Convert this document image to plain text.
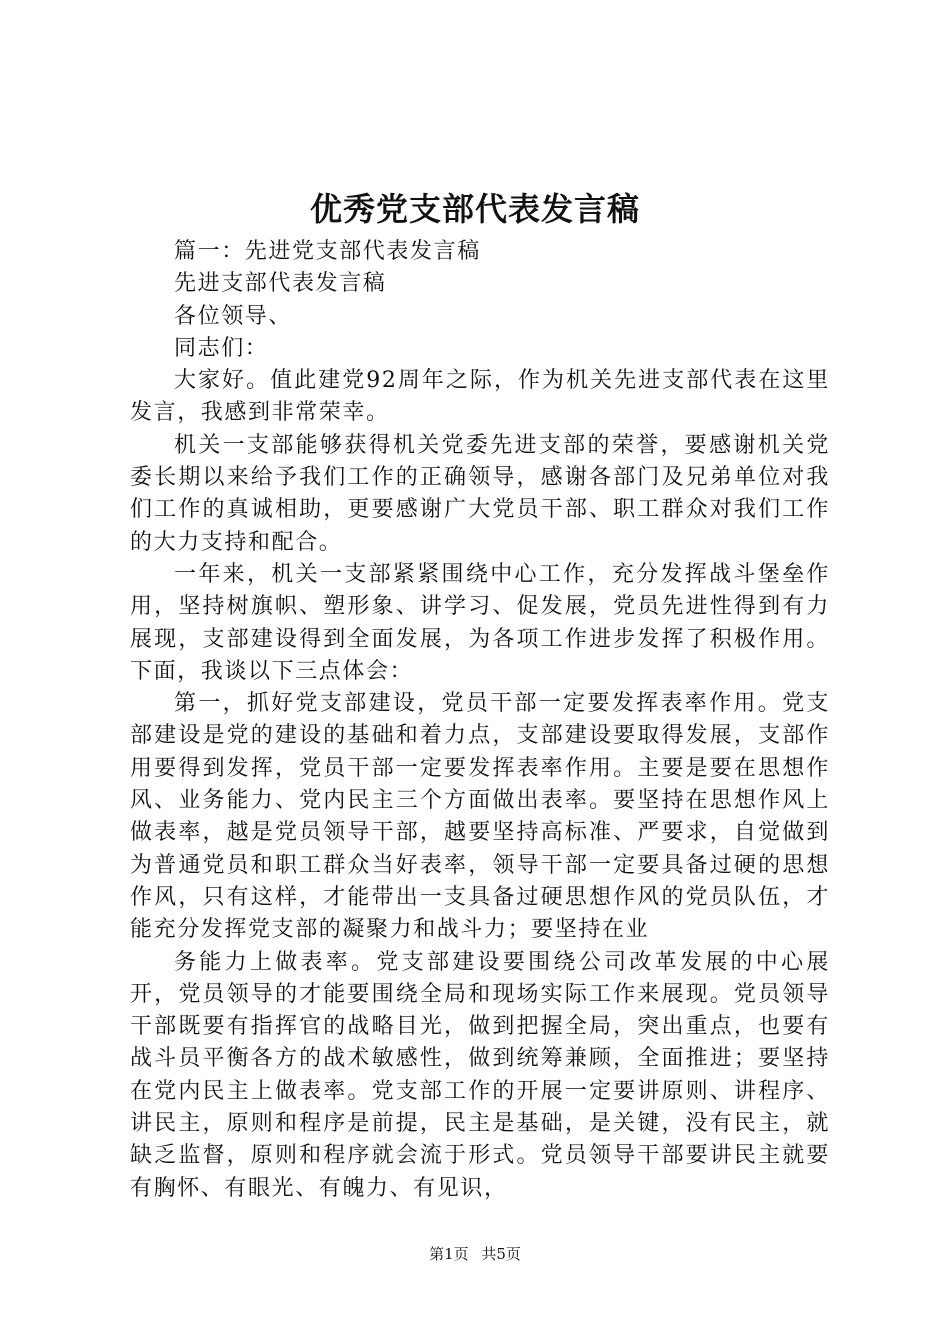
优秀党支部代表发言稿

篇一：先进党支部代表发言稿

先进支部代表发言稿

各位领导、

同志们：

大家好。值此建党92周年之际，作为机关先进支部代表在这里发言，我感到非常荣幸。

机关一支部能够获得机关党委先进支部的荣誉，要感谢机关党委长期以来给予我们工作的正确领导，感谢各部门及兄弟单位对我们工作的真诚相助，更要感谢广大党员干部、职工群众对我们工作的大力支持和配合。

一年来，机关一支部紧紧围绕中心工作，充分发挥战斗堡垒作用，坚持树旗帜、塑形象、讲学习、促发展，党员先进性得到有力展现，支部建设得到全面发展，为各项工作进步发挥了积极作用。下面，我谈以下三点体会：

第一，抓好党支部建设，党员干部一定要发挥表率作用。党支部建设是党的建设的基础和着力点，支部建设要取得发展，支部作用要得到发挥，党员干部一定要发挥表率作用。主要是要在思想作风、业务能力、党内民主三个方面做出表率。要坚持在思想作风上做表率，越是党员领导干部，越要坚持高标准、严要求，自觉做到为普通党员和职工群众当好表率，领导干部一定要具备过硬的思想作风，只有这样，才能带出一支具备过硬思想作风的党员队伍，才能充分发挥党支部的凝聚力和战斗力；要坚持在业

务能力上做表率。党支部建设要围绕公司改革发展的中心展开，党员领导的才能要围绕全局和现场实际工作来展现。党员领导干部既要有指挥官的战略目光，做到把握全局，突出重点，也要有战斗员平衡各方的战术敏感性，做到统筹兼顾，全面推进；要坚持在党内民主上做表率。党支部工作的开展一定要讲原则、讲程序、讲民主，原则和程序是前提，民主是基础，是关键，没有民主，就缺乏监督，原则和程序就会流于形式。党员领导干部要讲民主就要有胸怀、有眼光、有魄力、有见识，

第1页 共5页
